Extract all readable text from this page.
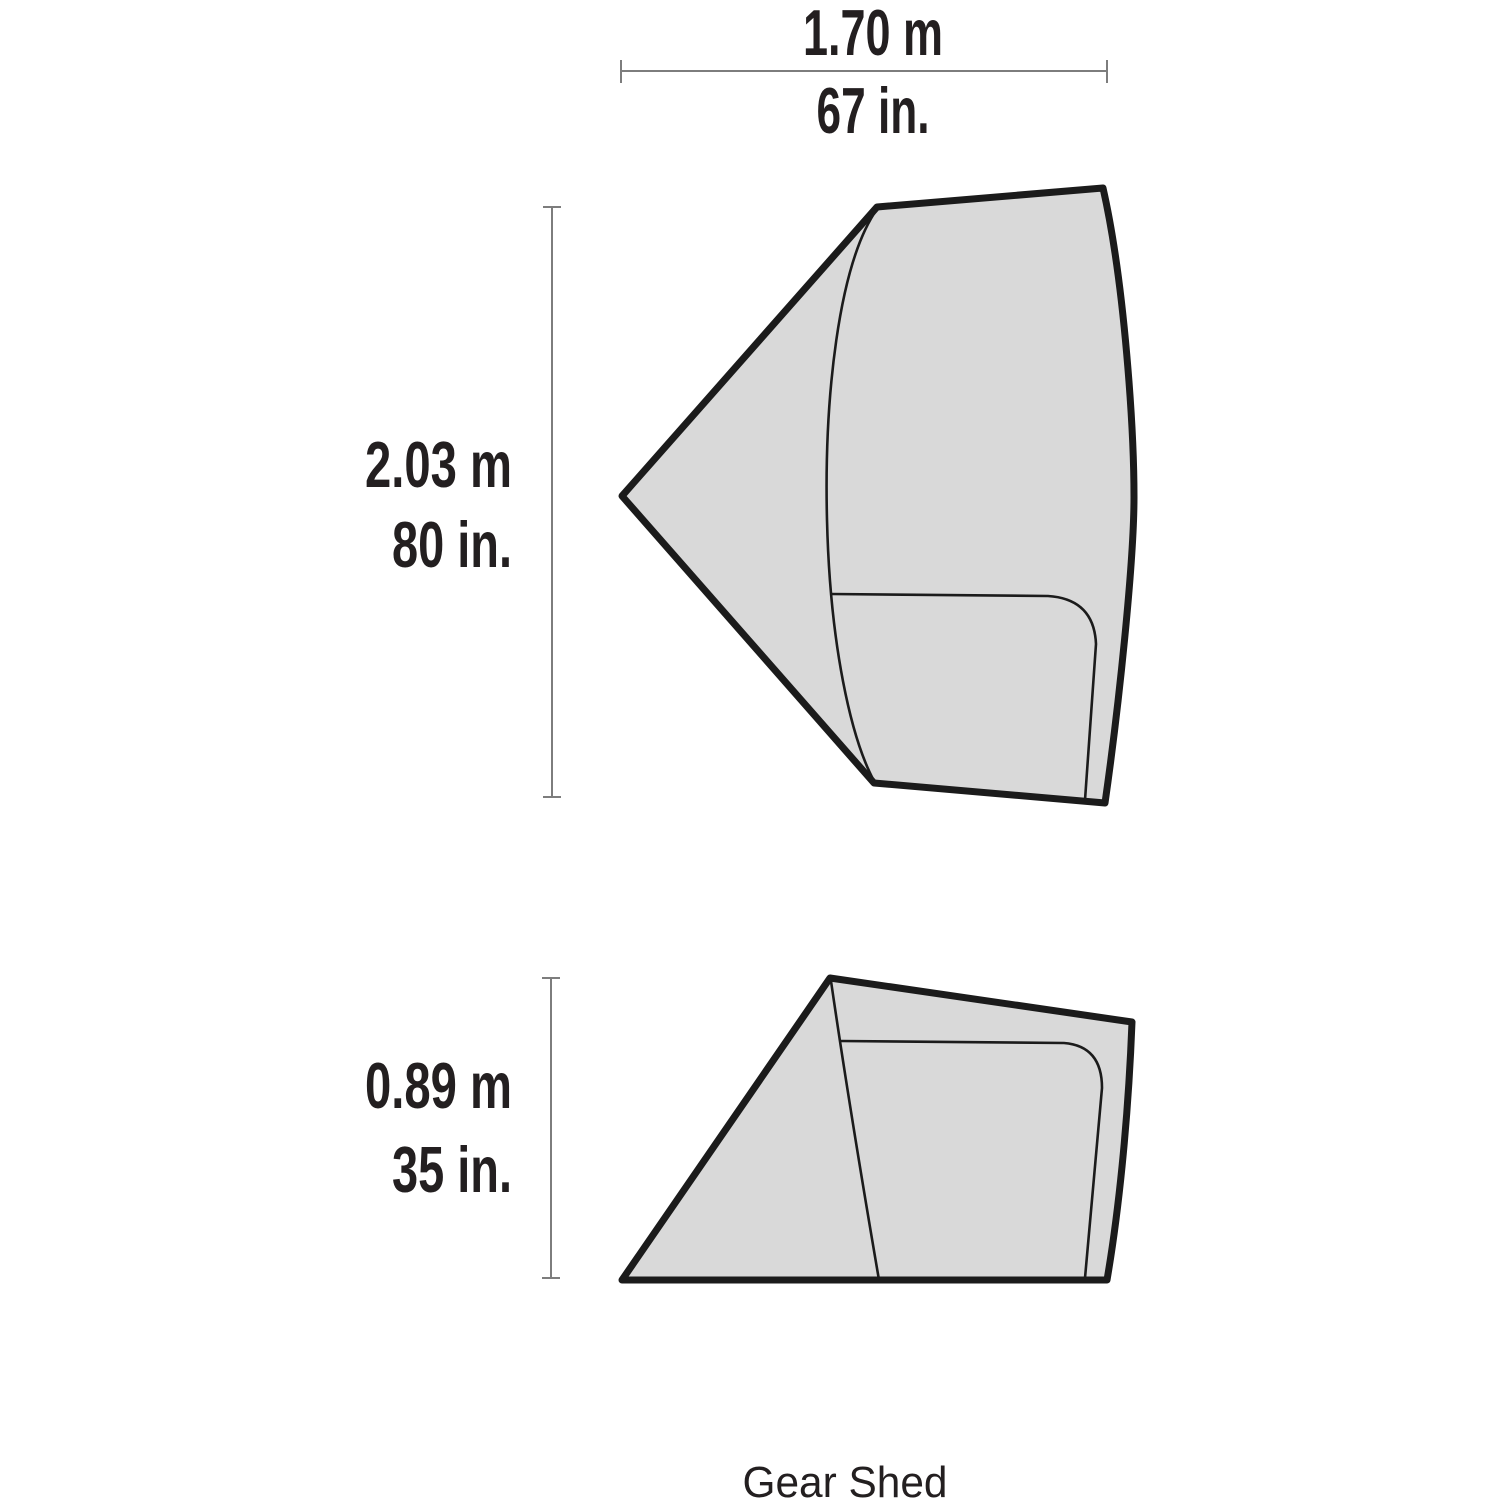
1.70 m
67 in.
2.03 m
80 in.
0.89 m
35 in.
Gear Shed
